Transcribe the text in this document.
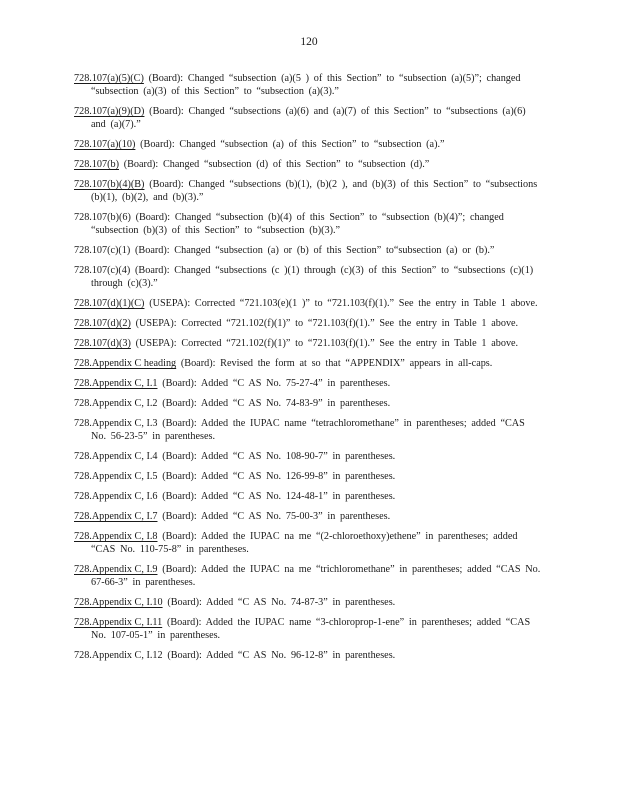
120
728.107(a)(5)(C) (Board): Changed “subsection (a)(5 ) of this Section” to “subsection (a)(5)”; changed “subsection (a)(3) of this Section” to “subsection (a)(3).”
728.107(a)(9)(D) (Board): Changed “subsections (a)(6) and (a)(7) of this Section” to “subsections (a)(6) and (a)(7).”
728.107(a)(10) (Board): Changed “subsection (a) of this Section” to “subsection (a).”
728.107(b) (Board): Changed “subsection (d) of this Section” to “subsection (d).”
728.107(b)(4)(B) (Board): Changed “subsections (b)(1), (b)(2 ), and (b)(3) of this Section” to “subsections (b)(1), (b)(2), and (b)(3).”
728.107(b)(6) (Board): Changed “subsection (b)(4) of this Section” to “subsection (b)(4)”; changed “subsection (b)(3) of this Section” to “subsection (b)(3).”
728.107(c)(1) (Board): Changed “subsection (a) or (b) of this Section” to“subsection (a) or (b).”
728.107(c)(4) (Board): Changed “subsections (c )(1) through (c)(3) of this Section” to “subsections (c)(1) through (c)(3).”
728.107(d)(1)(C) (USEPA): Corrected “721.103(e)(1 )” to “721.103(f)(1).” See the entry in Table 1 above.
728.107(d)(2) (USEPA): Corrected “721.102(f)(1)” to “721.103(f)(1).” See the entry in Table 1 above.
728.107(d)(3) (USEPA): Corrected “721.102(f)(1)” to “721.103(f)(1).” See the entry in Table 1 above.
728.Appendix C heading (Board): Revised the form at so that “APPENDIX” appears in all-caps.
728.Appendix C, I.1 (Board): Added “C AS No. 75-27-4” in parentheses.
728.Appendix C, I.2 (Board): Added “C AS No. 74-83-9” in parentheses.
728.Appendix C, I.3 (Board): Added the IUPAC name “tetrachloromethane” in parentheses; added “CAS No. 56-23-5” in parentheses.
728.Appendix C, I.4 (Board): Added “C AS No. 108-90-7” in parentheses.
728.Appendix C, I.5 (Board): Added “C AS No. 126-99-8” in parentheses.
728.Appendix C, I.6 (Board): Added “C AS No. 124-48-1” in parentheses.
728.Appendix C, I.7 (Board): Added “C AS No. 75-00-3” in parentheses.
728.Appendix C, I.8 (Board): Added the IUPAC na me “(2-chloroethoxy)ethene” in parentheses; added “CAS No. 110-75-8” in parentheses.
728.Appendix C, I.9 (Board): Added the IUPAC na me “trichloromethane” in parentheses; added “CAS No. 67-66-3” in parentheses.
728.Appendix C, I.10 (Board): Added “C AS No. 74-87-3” in parentheses.
728.Appendix C, I.11 (Board): Added the IUPAC name “3-chloroprop-1-ene” in parentheses; added “CAS No. 107-05-1” in parentheses.
728.Appendix C, I.12 (Board): Added “C AS No. 96-12-8” in parentheses.
